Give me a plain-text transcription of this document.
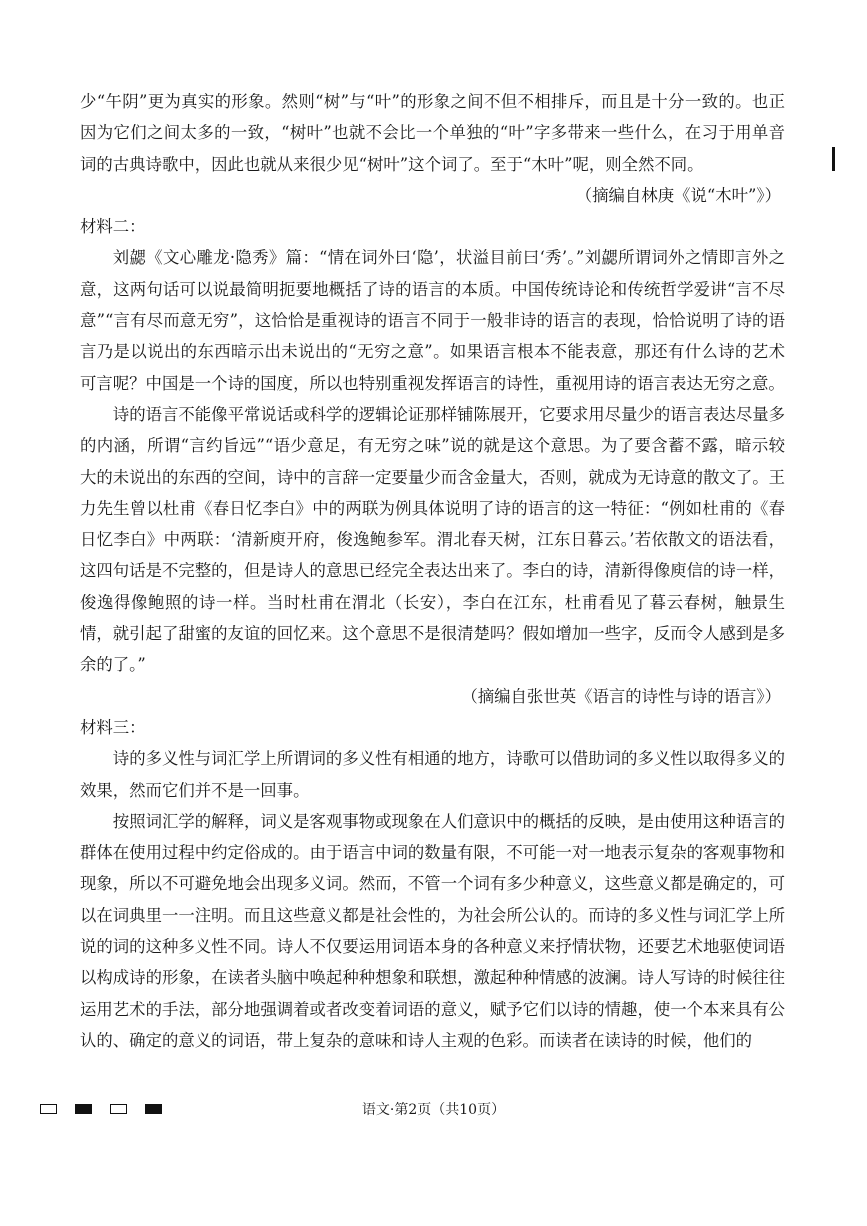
少“午阴”更为真实的形象。然则“树”与“叶”的形象之间不但不相排斥，而且是十分一致的。也正因为它们之间太多的一致，“树叶”也就不会比一个单独的“叶”字多带来一些什么，在习于用单音词的古典诗歌中，因此也就从来很少见“树叶”这个词了。至于“木叶”呢，则全然不同。

（摘编自林庚《说“木叶”》）

材料二：

刘勰《文心雕龙·隐秀》篇：“情在词外曰‘隐’，状溢目前曰‘秀’。”刘勰所谓词外之情即言外之意，这两句话可以说最简明扼要地概括了诗的语言的本质。中国传统诗论和传统哲学爱讲“言不尽意”“言有尽而意无穷”，这恰恰是重视诗的语言不同于一般非诗的语言的表现，恰恰说明了诗的语言乃是以说出的东西暗示出未说出的“无穷之意”。如果语言根本不能表意，那还有什么诗的艺术可言呢？中国是一个诗的国度，所以也特别重视发挥语言的诗性，重视用诗的语言表达无穷之意。

诗的语言不能像平常说话或科学的逻辑论证那样铺陈展开，它要求用尽量少的语言表达尽量多的内涵，所谓“言约旨远”“语少意足，有无穷之味”说的就是这个意思。为了要含蓄不露，暗示较大的未说出的东西的空间，诗中的言辞一定要量少而含金量大，否则，就成为无诗意的散文了。王力先生曾以杜甫《春日忆李白》中的两联为例具体说明了诗的语言的这一特征：“例如杜甫的《春日忆李白》中两联：‘清新庾开府，俊逸鲍参军。渭北春天树，江东日暮云。’若依散文的语法看，这四句话是不完整的，但是诗人的意思已经完全表达出来了。李白的诗，清新得像庾信的诗一样，俊逸得像鲍照的诗一样。当时杜甫在渭北（长安），李白在江东，杜甫看见了暮云春树，触景生情，就引起了甜蜜的友谊的回忆来。这个意思不是很清楚吗？假如增加一些字，反而令人感到是多余的了。”

（摘编自张世英《语言的诗性与诗的语言》）

材料三：

诗的多义性与词汇学上所谓词的多义性有相通的地方，诗歌可以借助词的多义性以取得多义的效果，然而它们并不是一回事。

按照词汇学的解释，词义是客观事物或现象在人们意识中的概括的反映，是由使用这种语言的群体在使用过程中约定俗成的。由于语言中词的数量有限，不可能一对一地表示复杂的客观事物和现象，所以不可避免地会出现多义词。然而，不管一个词有多少种意义，这些意义都是确定的，可以在词典里一一注明。而且这些意义都是社会性的，为社会所公认的。而诗的多义性与词汇学上所说的词的这种多义性不同。诗人不仅要运用词语本身的各种意义来抒情状物，还要艺术地驱使词语以构成诗的形象，在读者头脑中唤起种种想象和联想，激起种种情感的波澜。诗人写诗的时候往往运用艺术的手法，部分地强调着或者改变着词语的意义，赋予它们以诗的情趣，使一个本来具有公认的、确定的意义的词语，带上复杂的意味和诗人主观的色彩。而读者在读诗的时候，他们的

语文·第2页（共10页）
